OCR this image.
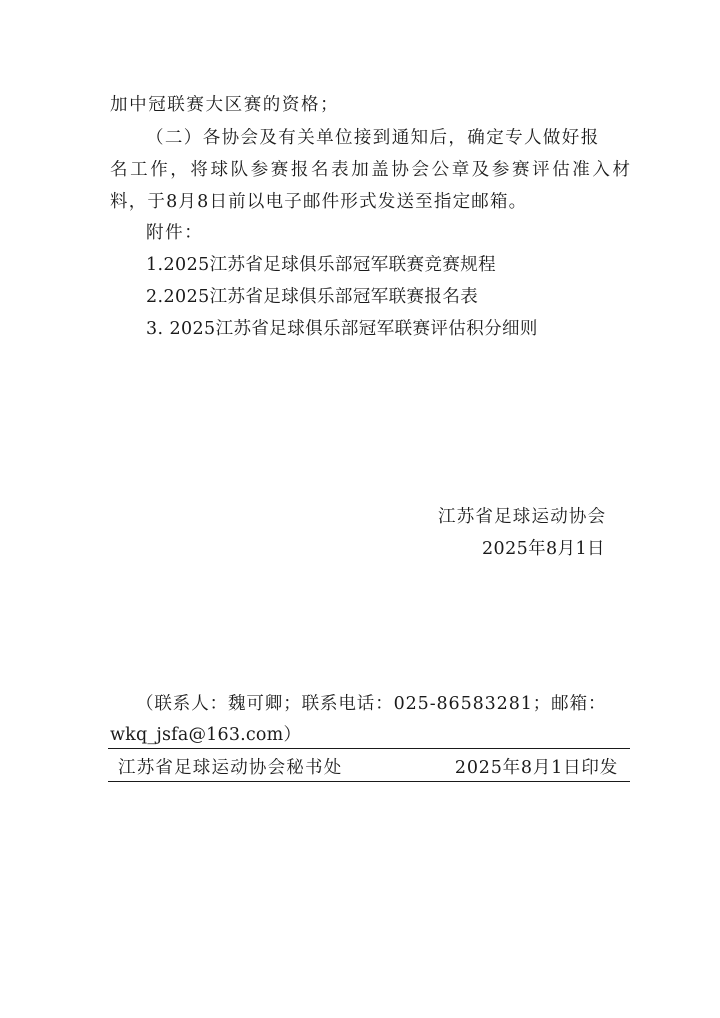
加中冠联赛大区赛的资格；
（二）各协会及有关单位接到通知后，确定专人做好报
名工作，将球队参赛报名表加盖协会公章及参赛评估准入材
料，于8月8日前以电子邮件形式发送至指定邮箱。
附件：
1.2025江苏省足球俱乐部冠军联赛竞赛规程
2.2025江苏省足球俱乐部冠军联赛报名表
3. 2025江苏省足球俱乐部冠军联赛评估积分细则
江苏省足球运动协会
2025年8月1日
（联系人：魏可卿；联系电话：025-86583281；邮箱：
wkq_jsfa@163.com）
江苏省足球运动协会秘书处	2025年8月1日印发
